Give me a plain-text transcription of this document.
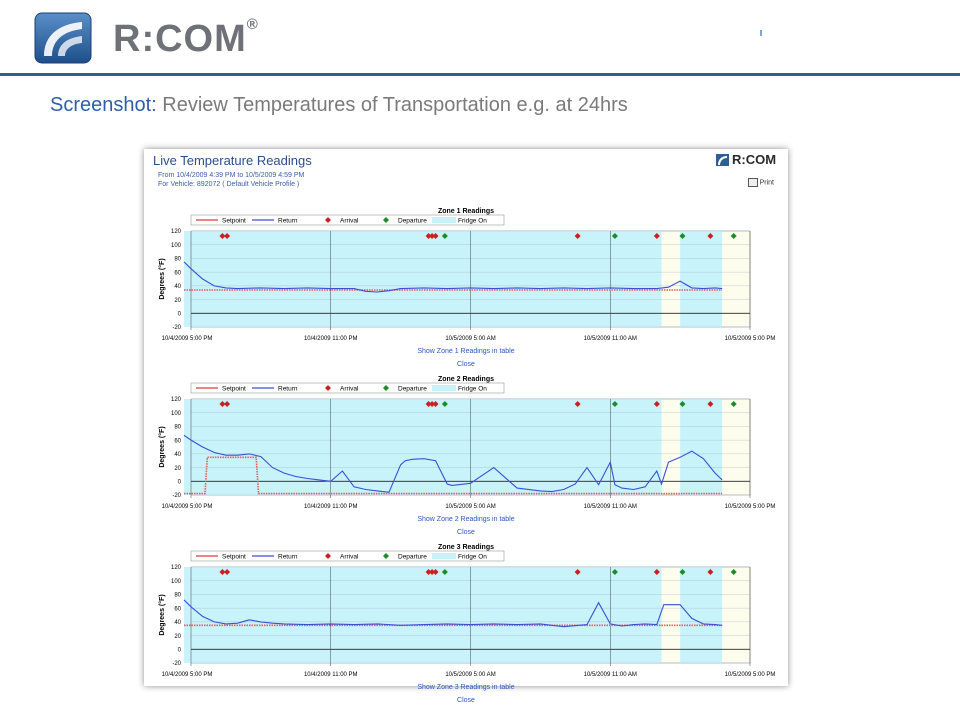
R:COM®
Screenshot: Review Temperatures of Transportation e.g. at 24hrs
Live Temperature Readings
From 10/4/2009 4:39 PM to 10/5/2009 4:59 PM
For Vehicle: 892072 ( Default Vehicle Profile )
R:COM
Print
Zone 1 Readings
Setpoint	Return	Arrival	Departure	Fridge On
-20
0
20
40
60
80
100
120
10/4/2009 5:00 PM	10/4/2009 11:00 PM	10/5/2009 5:00 AM	10/5/2009 11:00 AM	10/5/2009 5:00 PM
Degrees (°F)
Show Zone 1 Readings in table
Close
Zone 2 Readings
Setpoint	Return	Arrival	Departure	Fridge On
-20
0
20
40
60
80
100
120
10/4/2009 5:00 PM	10/4/2009 11:00 PM	10/5/2009 5:00 AM	10/5/2009 11:00 AM	10/5/2009 5:00 PM
Degrees (°F)
Show Zone 2 Readings in table
Close
Zone 3 Readings
Setpoint	Return	Arrival	Departure	Fridge On
-20
0
20
40
60
80
100
120
10/4/2009 5:00 PM	10/4/2009 11:00 PM	10/5/2009 5:00 AM	10/5/2009 11:00 AM	10/5/2009 5:00 PM
Degrees (°F)
Show Zone 3 Readings in table
Close
